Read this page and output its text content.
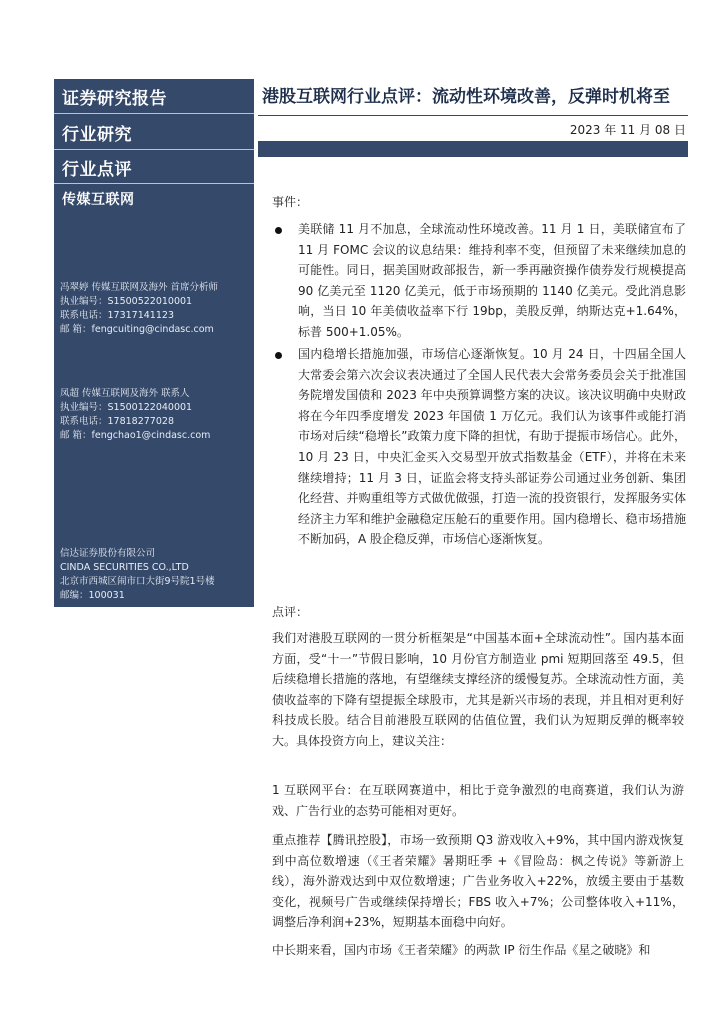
证券研究报告
行业研究
行业点评
传媒互联网
冯翠婷 传媒互联网及海外 首席分析师
执业编号：S1500522010001
联系电话：17317141123
邮 箱：fengcuiting@cindasc.com
凤超 传媒互联网及海外 联系人
执业编号：S1500122040001
联系电话：17818277028
邮 箱：fengchao1@cindasc.com
信达证券股份有限公司
CINDA SECURITIES CO.,LTD
北京市西城区闹市口大街9号院1号楼
邮编：100031
港股互联网行业点评：流动性环境改善，反弹时机将至
2023 年 11 月 08 日
事件：
美联储 11 月不加息，全球流动性环境改善。11 月 1 日，美联储宣布了 11 月 FOMC 会议的议息结果：维持利率不变，但预留了未来继续加息的可能性。同日，据美国财政部报告，新一季再融资操作债券发行规模提高 90 亿美元至 1120 亿美元，低于市场预期的 1140 亿美元。受此消息影响，当日 10 年美债收益率下行 19bp，美股反弹，纳斯达克+1.64%，标普 500+1.05%。
国内稳增长措施加强，市场信心逐渐恢复。10 月 24 日，十四届全国人大常委会第六次会议表决通过了全国人民代表大会常务委员会关于批准国务院增发国债和 2023 年中央预算调整方案的决议。该决议明确中央财政将在今年四季度增发 2023 年国债 1 万亿元。我们认为该事件或能打消市场对后续“稳增长”政策力度下降的担忧，有助于提振市场信心。此外，10 月 23 日，中央汇金买入交易型开放式指数基金（ETF），并将在未来继续增持；11 月 3 日，证监会将支持头部证券公司通过业务创新、集团化经营、并购重组等方式做优做强，打造一流的投资银行，发挥服务实体经济主力军和维护金融稳定压舱石的重要作用。国内稳增长、稳市场措施不断加码，A 股企稳反弹，市场信心逐渐恢复。
点评：
我们对港股互联网的一贯分析框架是“中国基本面+全球流动性”。国内基本面方面，受“十一”节假日影响，10 月份官方制造业 pmi 短期回落至 49.5，但后续稳增长措施的落地，有望继续支撑经济的缓慢复苏。全球流动性方面，美债收益率的下降有望提振全球股市，尤其是新兴市场的表现，并且相对更利好科技成长股。结合目前港股互联网的估值位置，我们认为短期反弹的概率较大。具体投资方向上，建议关注：
1 互联网平台：在互联网赛道中，相比于竞争激烈的电商赛道，我们认为游戏、广告行业的态势可能相对更好。
重点推荐【腾讯控股】，市场一致预期 Q3 游戏收入+9%，其中国内游戏恢复到中高位数增速（《王者荣耀》暑期旺季 +《冒险岛：枫之传说》等新游上线），海外游戏达到中双位数增速；广告业务收入+22%，放缓主要由于基数变化，视频号广告或继续保持增长；FBS 收入+7%；公司整体收入+11%，调整后净利润+23%，短期基本面稳中向好。
中长期来看，国内市场《王者荣耀》的两款 IP 衍生作品《星之破晓》和
